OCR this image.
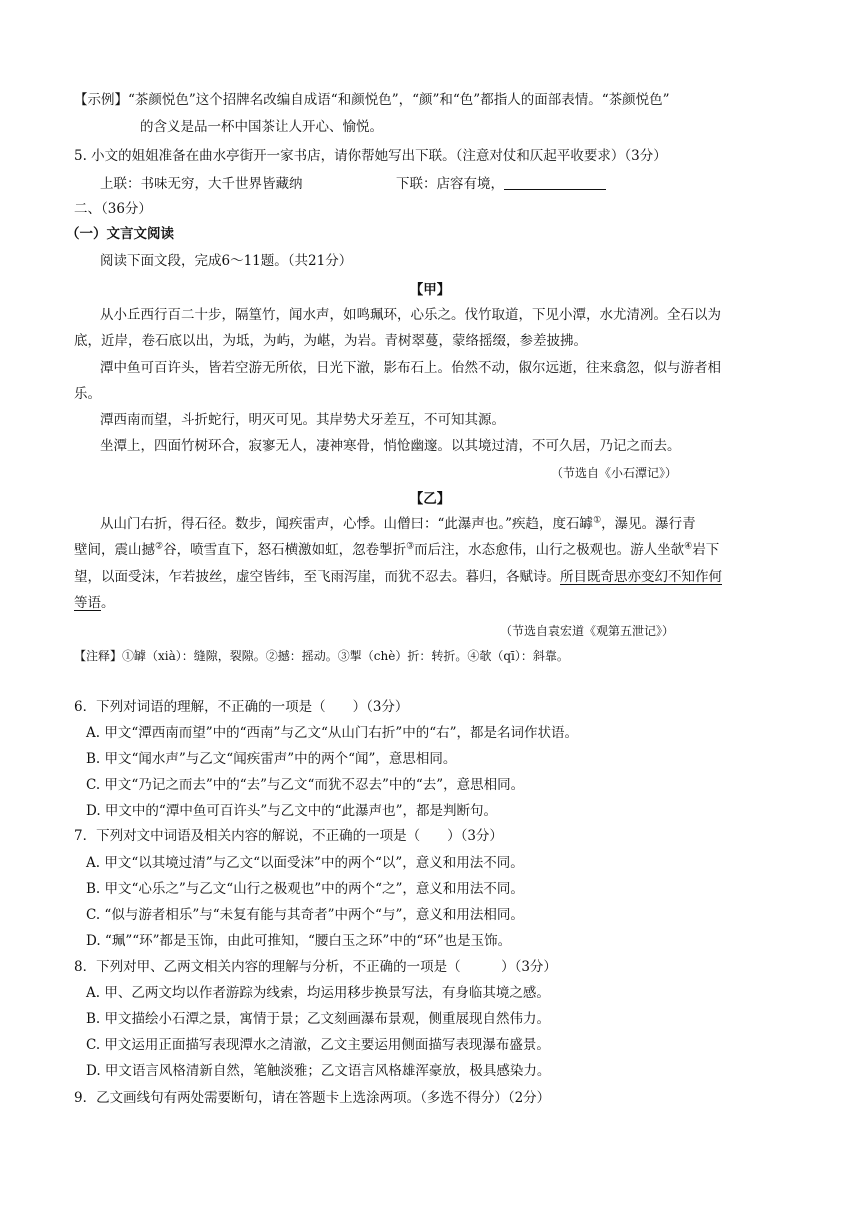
【示例】“茶颜悦色”这个招牌名改编自成语“和颜悦色”，“颜”和“色”都指人的面部表情。“茶颜悦色”
的含义是品一杯中国茶让人开心、愉悦。
5. 小文的姐姐准备在曲水亭街开一家书店，请你帮她写出下联。（注意对仗和仄起平收要求）（3分）
上联：书味无穷，大千世界皆藏纳	下联：店容有境，
二、（36分）
（一）文言文阅读
阅读下面文段，完成6～11题。（共21分）
【甲】
从小丘西行百二十步，隔篁竹，闻水声，如鸣珮环，心乐之。伐竹取道，下见小潭，水尤清冽。全石以为
底，近岸，卷石底以出，为坻，为屿，为嵁，为岩。青树翠蔓，蒙络摇缀，参差披拂。
潭中鱼可百许头，皆若空游无所依，日光下澈，影布石上。佁然不动，俶尔远逝，往来翕忽，似与游者相
乐。
潭西南而望，斗折蛇行，明灭可见。其岸势犬牙差互，不可知其源。
坐潭上，四面竹树环合，寂寥无人，凄神寒骨，悄怆幽邃。以其境过清，不可久居，乃记之而去。
（节选自《小石潭记》）
【乙】
从山门右折，得石径。数步，闻疾雷声，心悸。山僧曰：“此瀑声也。”疾趋，度石罅①，瀑见。瀑行青
壁间，震山撼②谷，喷雪直下，怒石横激如虹，忽卷掣折③而后注，水态愈伟，山行之极观也。游人坐欹④岩下
望，以面受沫，乍若披丝，虚空皆纬，至飞雨泻崖，而犹不忍去。暮归，各赋诗。所目既奇思亦变幻不知作何
等语。
（节选自袁宏道《观第五泄记》）
【注释】①罅（xià）：缝隙，裂隙。②撼：摇动。③掣（chè）折：转折。④欹（qī）：斜靠。
6．下列对词语的理解，不正确的一项是（　　）（3分）
A. 甲文“潭西南而望”中的“西南”与乙文“从山门右折”中的“右”，都是名词作状语。
B. 甲文“闻水声”与乙文“闻疾雷声”中的两个“闻”，意思相同。
C. 甲文“乃记之而去”中的“去”与乙文“而犹不忍去”中的“去”，意思相同。
D. 甲文中的“潭中鱼可百许头”与乙文中的“此瀑声也”，都是判断句。
7．下列对文中词语及相关内容的解说，不正确的一项是（　　）（3分）
A. 甲文“以其境过清”与乙文“以面受沫”中的两个“以”，意义和用法不同。
B. 甲文“心乐之”与乙文“山行之极观也”中的两个“之”，意义和用法不同。
C. “似与游者相乐”与“未复有能与其奇者”中两个“与”，意义和用法相同。
D. “珮”“环”都是玉饰，由此可推知，“腰白玉之环”中的“环”也是玉饰。
8．下列对甲、乙两文相关内容的理解与分析，不正确的一项是（　　　）（3分）
A. 甲、乙两文均以作者游踪为线索，均运用移步换景写法，有身临其境之感。
B. 甲文描绘小石潭之景，寓情于景；乙文刻画瀑布景观，侧重展现自然伟力。
C. 甲文运用正面描写表现潭水之清澈，乙文主要运用侧面描写表现瀑布盛景。
D. 甲文语言风格清新自然，笔触淡雅；乙文语言风格雄浑豪放，极具感染力。
9．乙文画线句有两处需要断句，请在答题卡上选涂两项。（多选不得分）（2分）
